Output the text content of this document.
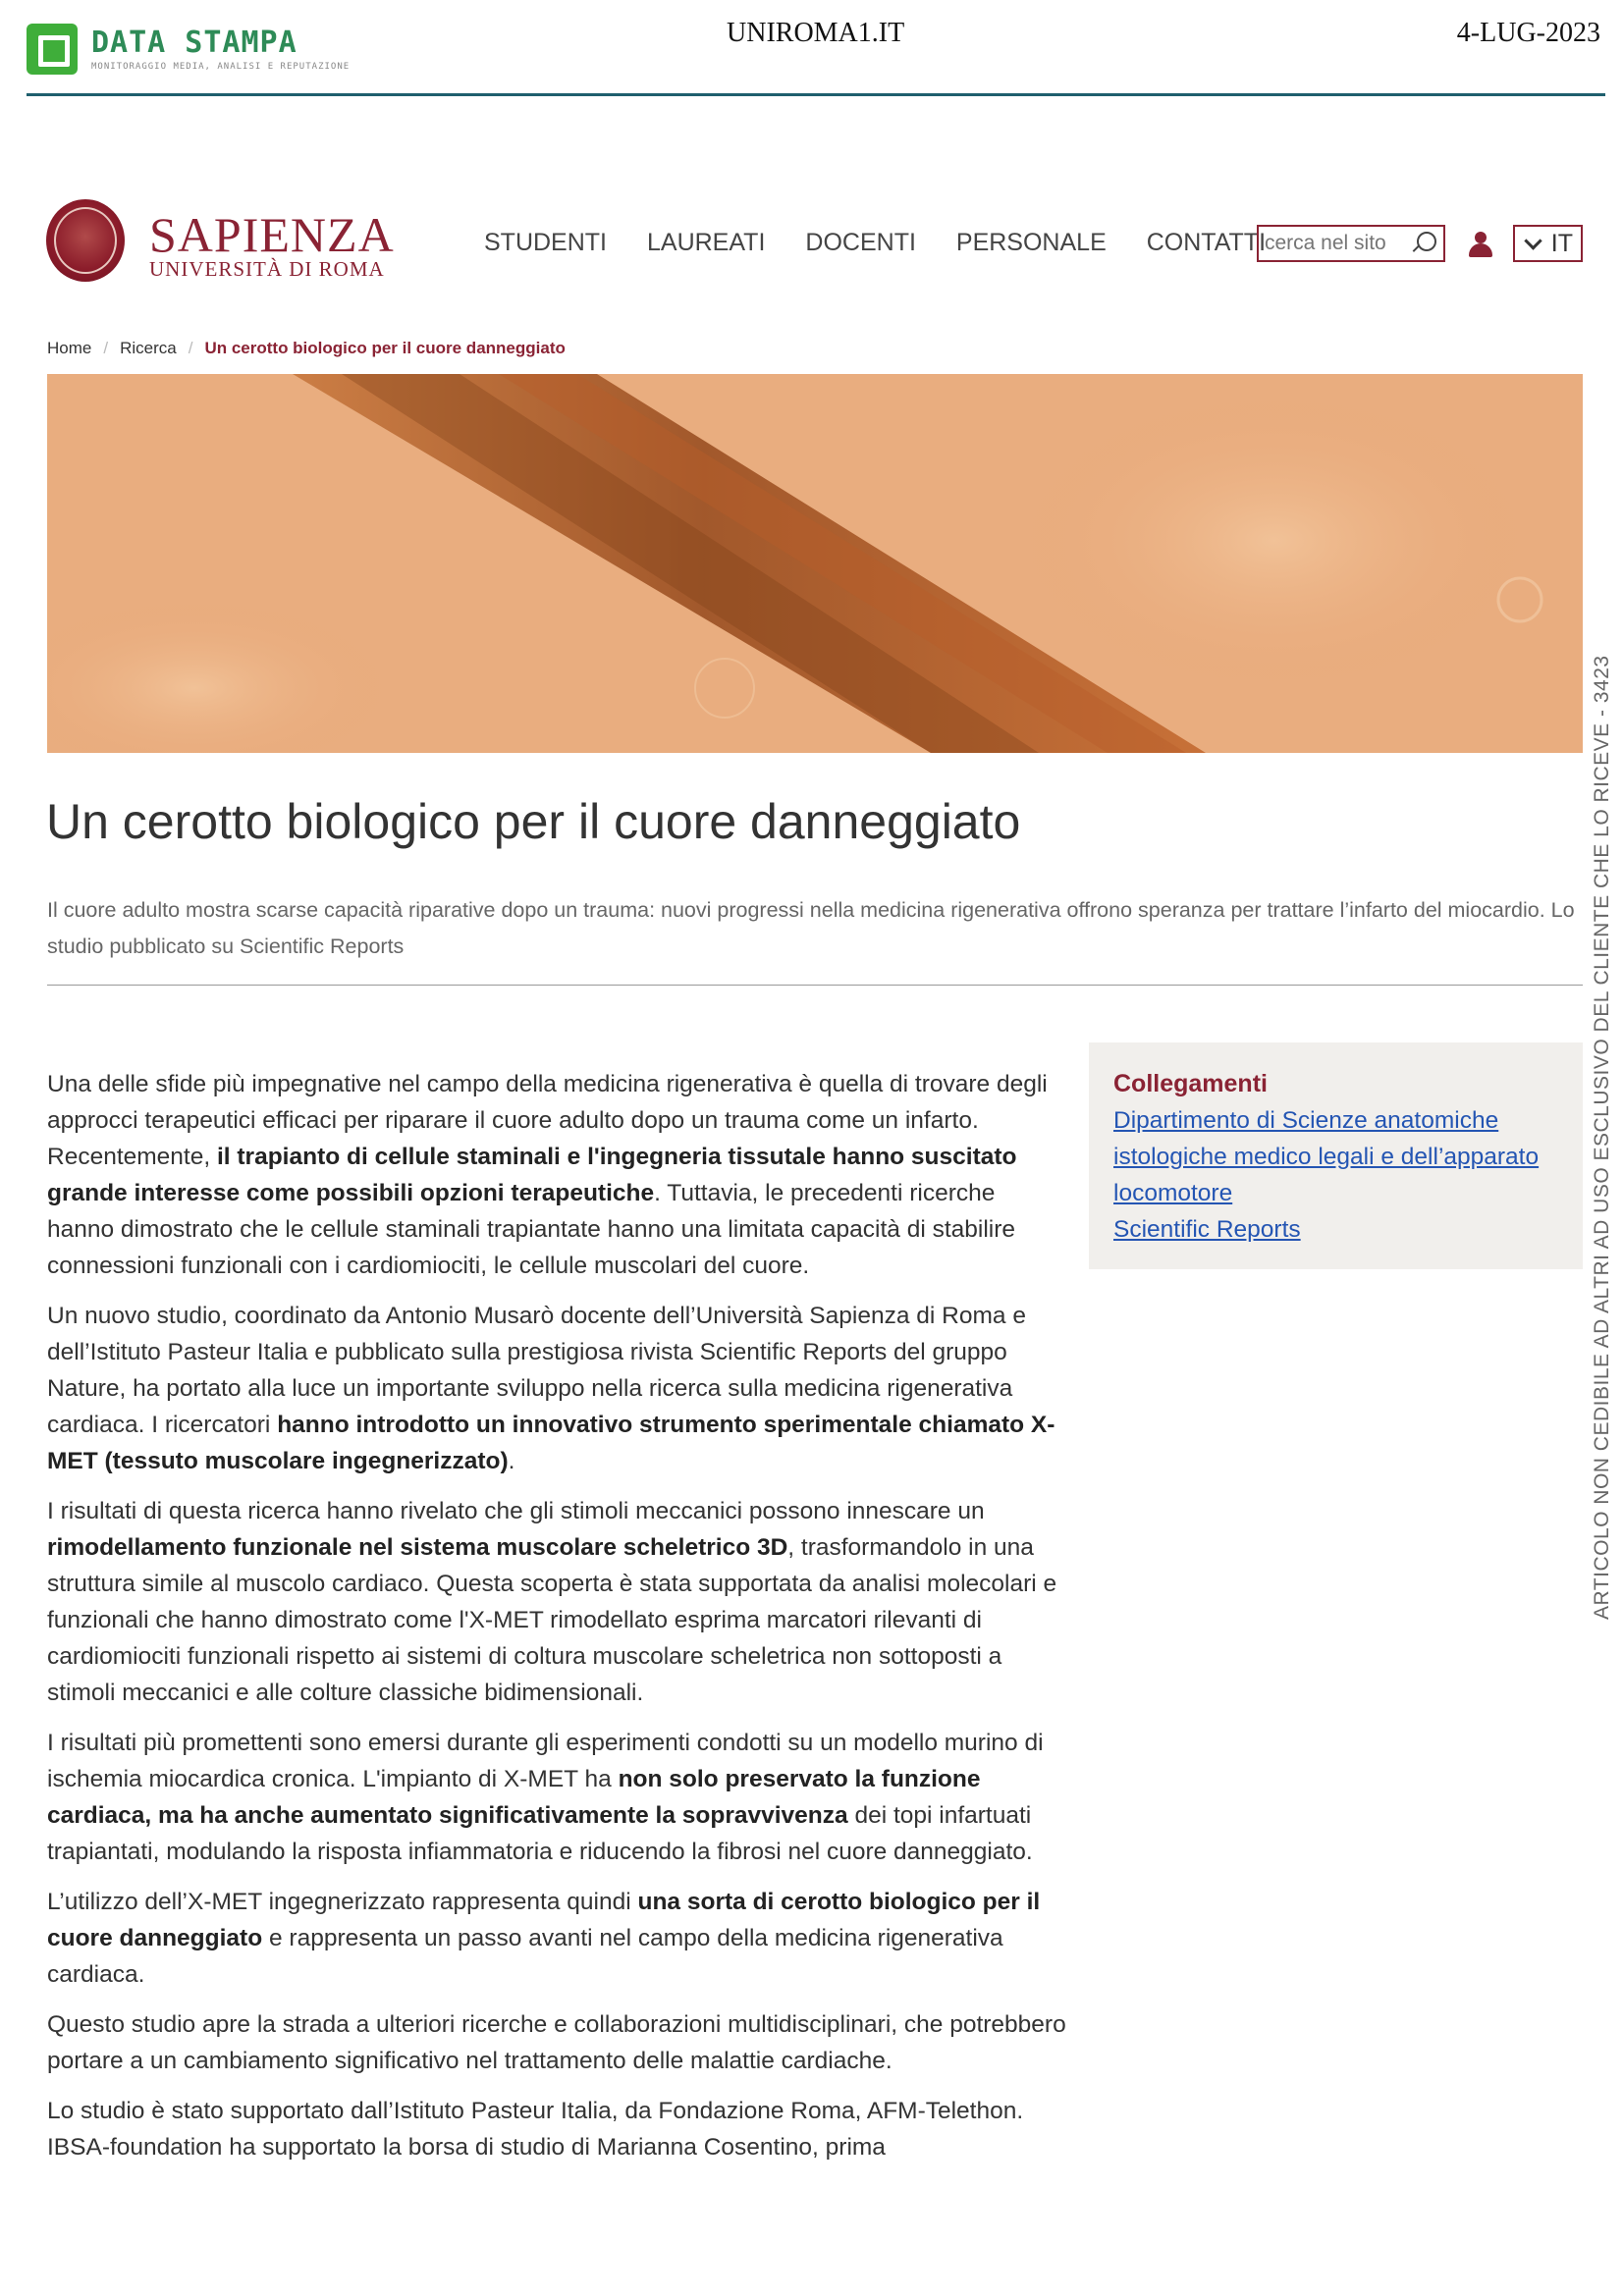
DATA STAMPA
MONITORAGGIO MEDIA, ANALISI E REPUTAZIONE
UNIROMA1.IT	4-LUG-2023
ARTICOLO NON CEDIBILE AD ALTRI AD USO ESCLUSIVO DEL CLIENTE CHE LO RICEVE - 3423
SAPIENZA
UNIVERSITÀ DI ROMA
STUDENTI LAUREATI DOCENTI PERSONALE CONTATTI
cerca nel sito	IT
Home / Ricerca / Un cerotto biologico per il cuore danneggiato
Un cerotto biologico per il cuore danneggiato
Il cuore adulto mostra scarse capacità riparative dopo un trauma: nuovi progressi nella medicina rigenerativa offrono speranza per trattare l’infarto del miocardio. Lo studio pubblicato su Scientific Reports

Una delle sfide più impegnative nel campo della medicina rigenerativa è quella di trovare degli approcci terapeutici efficaci per riparare il cuore adulto dopo un trauma come un infarto. Recentemente, il trapianto di cellule staminali e l'ingegneria tissutale hanno suscitato grande interesse come possibili opzioni terapeutiche. Tuttavia, le precedenti ricerche hanno dimostrato che le cellule staminali trapiantate hanno una limitata capacità di stabilire connessioni funzionali con i cardiomiociti, le cellule muscolari del cuore.

Un nuovo studio, coordinato da Antonio Musarò docente dell’Università Sapienza di Roma e dell’Istituto Pasteur Italia e pubblicato sulla prestigiosa rivista Scientific Reports del gruppo Nature, ha portato alla luce un importante sviluppo nella ricerca sulla medicina rigenerativa cardiaca. I ricercatori hanno introdotto un innovativo strumento sperimentale chiamato X-MET (tessuto muscolare ingegnerizzato).

I risultati di questa ricerca hanno rivelato che gli stimoli meccanici possono innescare un rimodellamento funzionale nel sistema muscolare scheletrico 3D, trasformandolo in una struttura simile al muscolo cardiaco. Questa scoperta è stata supportata da analisi molecolari e funzionali che hanno dimostrato come l'X-MET rimodellato esprima marcatori rilevanti di cardiomiociti funzionali rispetto ai sistemi di coltura muscolare scheletrica non sottoposti a stimoli meccanici e alle colture classiche bidimensionali.

I risultati più promettenti sono emersi durante gli esperimenti condotti su un modello murino di ischemia miocardica cronica. L'impianto di X-MET ha non solo preservato la funzione cardiaca, ma ha anche aumentato significativamente la sopravvivenza dei topi infartuati trapiantati, modulando la risposta infiammatoria e riducendo la fibrosi nel cuore danneggiato.

L’utilizzo dell’X-MET ingegnerizzato rappresenta quindi una sorta di cerotto biologico per il cuore danneggiato e rappresenta un passo avanti nel campo della medicina rigenerativa cardiaca.

Questo studio apre la strada a ulteriori ricerche e collaborazioni multidisciplinari, che potrebbero portare a un cambiamento significativo nel trattamento delle malattie cardiache.

Lo studio è stato supportato dall’Istituto Pasteur Italia, da Fondazione Roma, AFM-Telethon. IBSA-foundation ha supportato la borsa di studio di Marianna Cosentino, prima

Collegamenti
Dipartimento di Scienze anatomiche istologiche medico legali e dell’apparato locomotore
Scientific Reports
